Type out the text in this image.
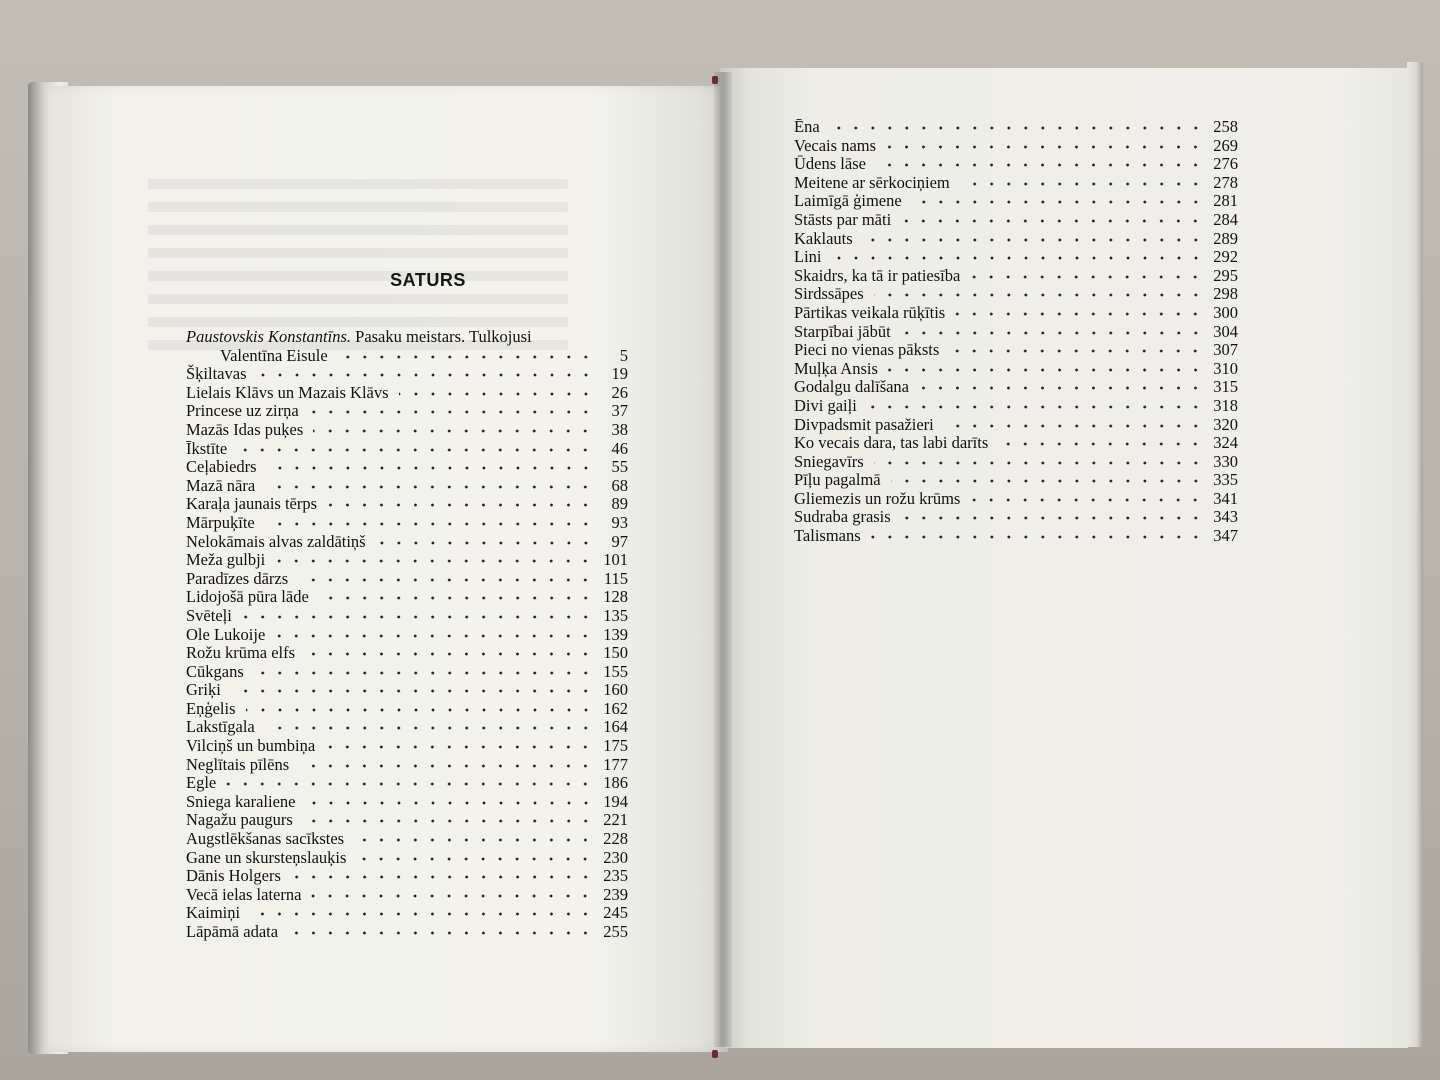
SATURS
Paustovskis Konstantīns. Pasaku meistars. Tulkojusi
Valentīna Eisule	5
Šķiltavas	19
Lielais Klāvs un Mazais Klāvs	26
Princese uz zirņa	37
Mazās Idas puķes	38
Īkstīte	46
Ceļabiedrs	55
Mazā nāra	68
Karaļa jaunais tērps	89
Mārpuķīte	93
Nelokāmais alvas zaldātiņš	97
Meža gulbji	101
Paradīzes dārzs	115
Lidojošā pūra lāde	128
Svēteļi	135
Ole Lukoije	139
Rožu krūma elfs	150
Cūkgans	155
Griķi	160
Eņģelis	162
Lakstīgala	164
Vilciņš un bumbiņa	175
Neglītais pīlēns	177
Egle	186
Sniega karaliene	194
Nagažu paugurs	221
Augstlēkšanas sacīkstes	228
Gane un skursteņslauķis	230
Dānis Holgers	235
Vecā ielas laterna	239
Kaimiņi	245
Lāpāmā adata	255
Ēna	258
Vecais nams	269
Ūdens lāse	276
Meitene ar sērkociņiem	278
Laimīgā ģimene	281
Stāsts par māti	284
Kaklauts	289
Lini	292
Skaidrs, ka tā ir patiesība	295
Sirdssāpes	298
Pārtikas veikala rūķītis	300
Starpībai jābūt	304
Pieci no vienas pāksts	307
Muļķa Ansis	310
Godalgu dalīšana	315
Divi gaiļi	318
Divpadsmit pasažieri	320
Ko vecais dara, tas labi darīts	324
Sniegavīrs	330
Pīļu pagalmā	335
Gliemezis un rožu krūms	341
Sudraba grasis	343
Talismans	347
